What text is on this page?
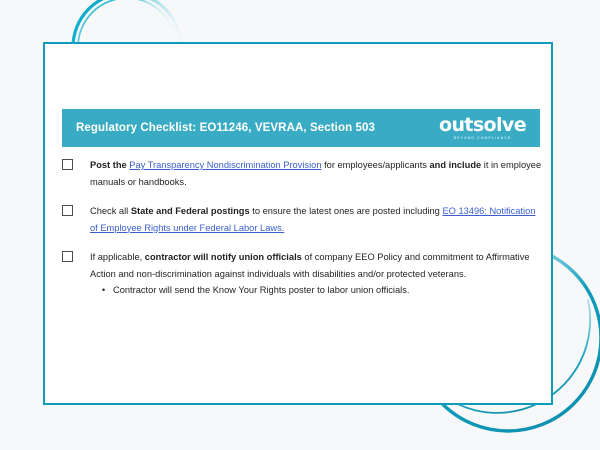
Regulatory Checklist: EO11246, VEVRAA, Section 503	outsolve
BEYOND COMPLIANCE
Post the Pay Transparency Nondiscrimination Provision for employees/applicants and include it in employee manuals or handbooks.
Check all State and Federal postings to ensure the latest ones are posted including EO 13496: Notification of Employee Rights under Federal Labor Laws.
If applicable, contractor will notify union officials of company EEO Policy and commitment to Affirmative Action and non-discrimination against individuals with disabilities and/or protected veterans.
• Contractor will send the Know Your Rights poster to labor union officials.
